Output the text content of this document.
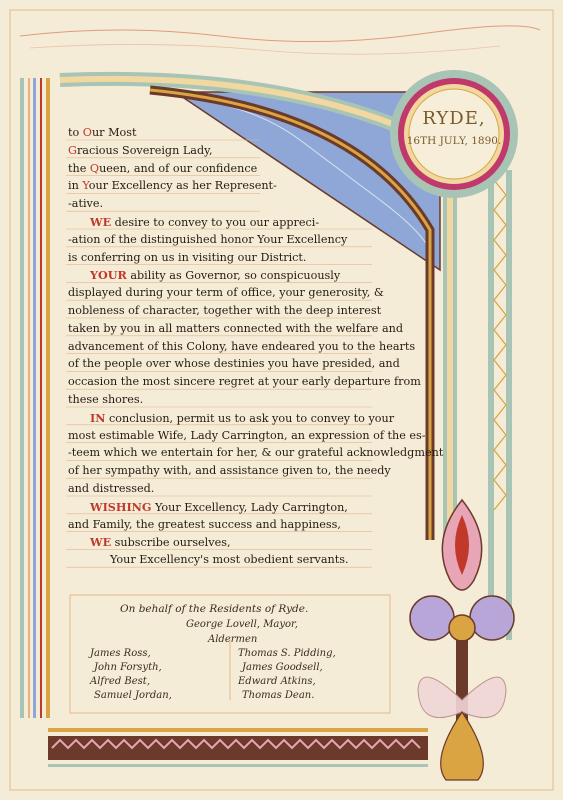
RYDE,
16TH JULY, 1890.
to Our Most
Gracious Sovereign Lady,
the Queen, and of our confidence
in Your Excellency as her Represent-
-ative.
WE desire to convey to you our appreci-
-ation of the distinguished honor Your Excellency
is conferring on us in visiting our District.
YOUR ability as Governor, so conspicuously
displayed during your term of office, your generosity, &
nobleness of character, together with the deep interest
taken by you in all matters connected with the welfare and
advancement of this Colony, have endeared you to the hearts
of the people over whose destinies you have presided, and
occasion the most sincere regret at your early departure from
these shores.
IN conclusion, permit us to ask you to convey to your
most estimable Wife, Lady Carrington, an expression of the es-
-teem which we entertain for her, & our grateful acknowledgment
of her sympathy with, and assistance given to, the needy
and distressed.
WISHING Your Excellency, Lady Carrington,
and Family, the greatest success and happiness,
WE subscribe ourselves,
Your Excellency's most obedient servants.
On behalf of the Residents of Ryde.
George Lovell, Mayor,
Aldermen
James Ross,
John Forsyth,
Alfred Best,
Samuel Jordan,
Thomas S. Pidding,
James Goodsell,
Edward Atkins,
Thomas Dean.
